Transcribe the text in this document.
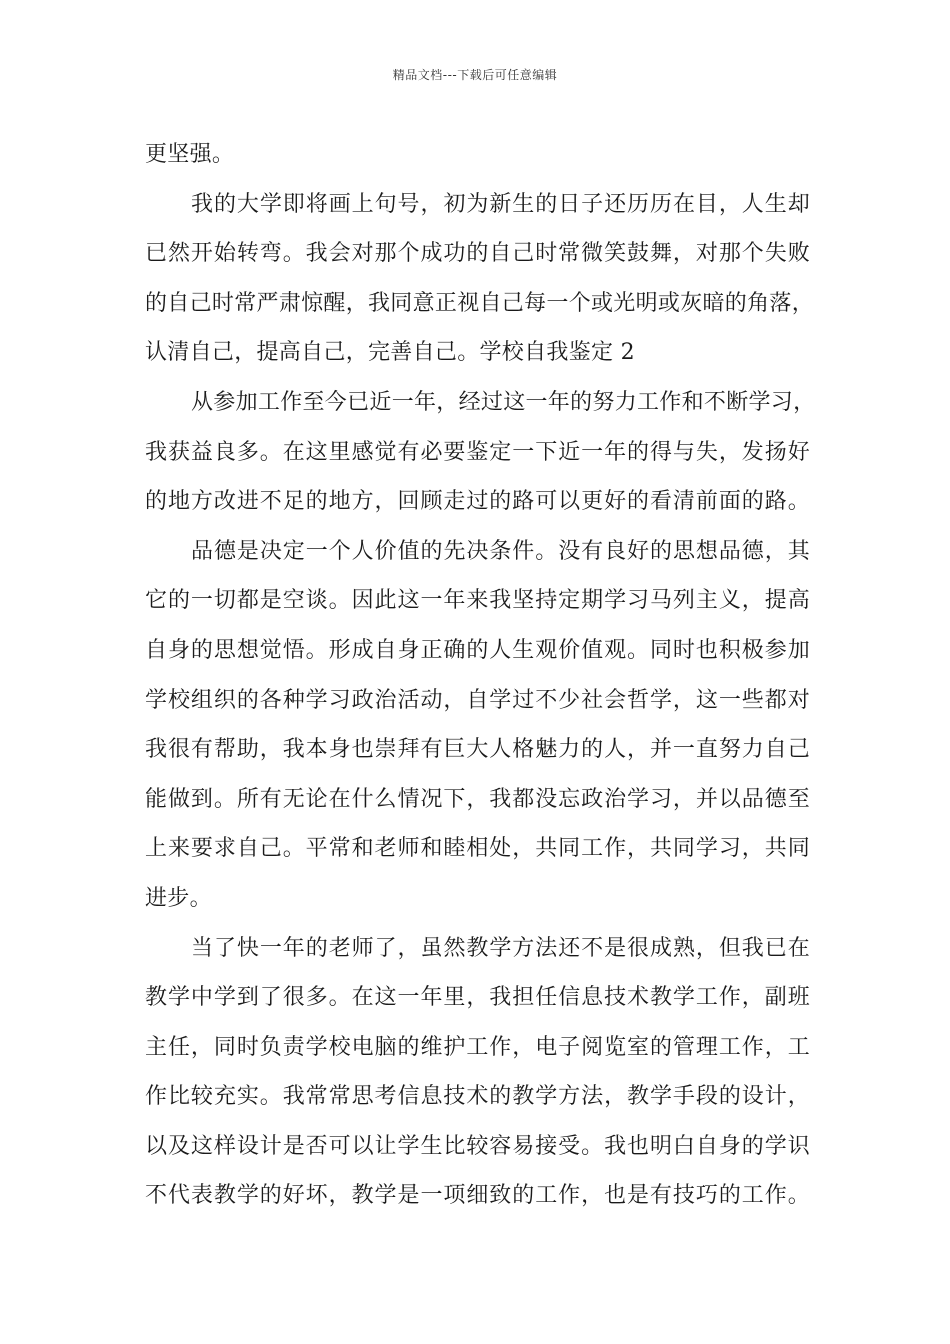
精品文档---下载后可任意编辑
更坚强。
我的大学即将画上句号，初为新生的日子还历历在目，人生却
已然开始转弯。我会对那个成功的自己时常微笑鼓舞，对那个失败
的自己时常严肃惊醒，我同意正视自己每一个或光明或灰暗的角落，
认清自己，提高自己，完善自己。学校自我鉴定 2
从参加工作至今已近一年，经过这一年的努力工作和不断学习，
我获益良多。在这里感觉有必要鉴定一下近一年的得与失，发扬好
的地方改进不足的地方，回顾走过的路可以更好的看清前面的路。
品德是决定一个人价值的先决条件。没有良好的思想品德，其
它的一切都是空谈。因此这一年来我坚持定期学习马列主义，提高
自身的思想觉悟。形成自身正确的人生观价值观。同时也积极参加
学校组织的各种学习政治活动，自学过不少社会哲学，这一些都对
我很有帮助，我本身也崇拜有巨大人格魅力的人，并一直努力自己
能做到。所有无论在什么情况下，我都没忘政治学习，并以品德至
上来要求自己。平常和老师和睦相处，共同工作，共同学习，共同
进步。
当了快一年的老师了，虽然教学方法还不是很成熟，但我已在
教学中学到了很多。在这一年里，我担任信息技术教学工作，副班
主任，同时负责学校电脑的维护工作，电子阅览室的管理工作，工
作比较充实。我常常思考信息技术的教学方法，教学手段的设计，
以及这样设计是否可以让学生比较容易接受。我也明白自身的学识
不代表教学的好坏，教学是一项细致的工作，也是有技巧的工作。
